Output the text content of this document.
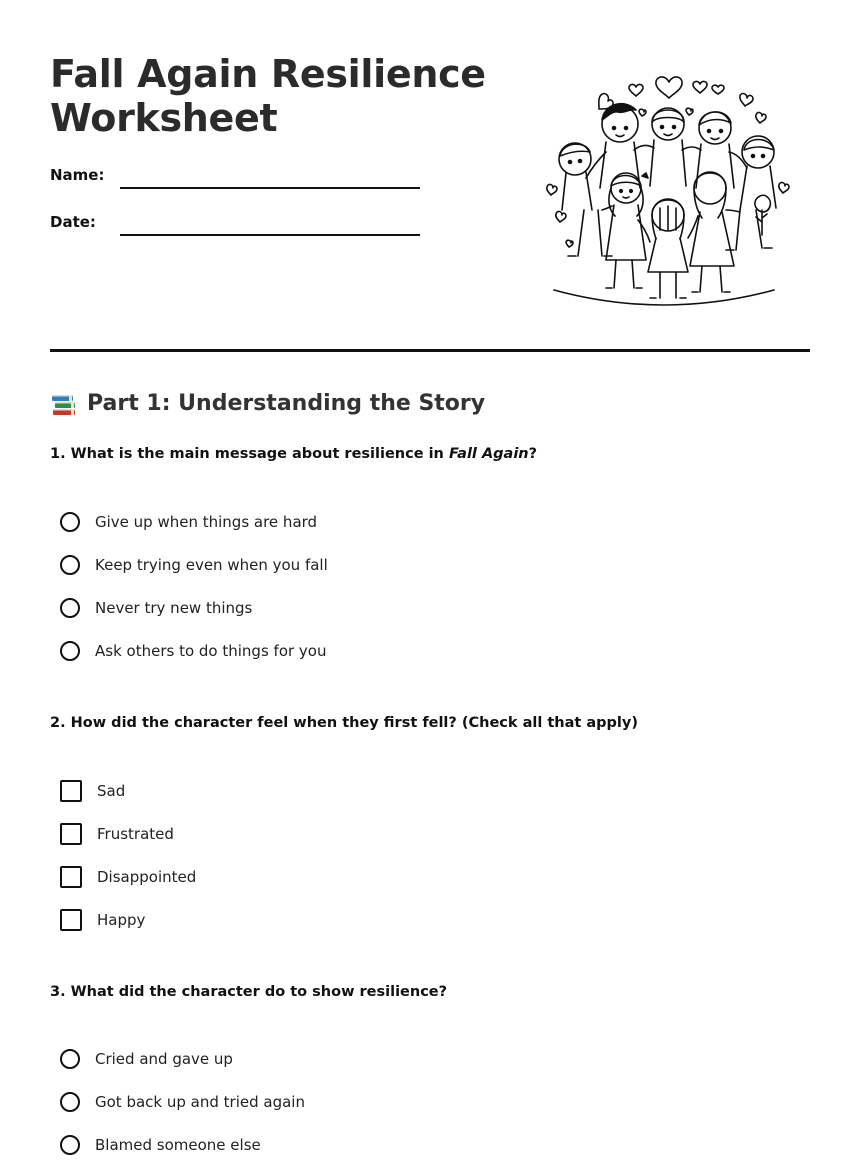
Fall Again Resilience Worksheet
Name:
Date:
Part 1: Understanding the Story

1. What is the main message about resilience in Fall Again?

Give up when things are hard
Keep trying even when you fall
Never try new things
Ask others to do things for you

2. How did the character feel when they first fell? (Check all that apply)

Sad
Frustrated
Disappointed
Happy

3. What did the character do to show resilience?

Cried and gave up
Got back up and tried again
Blamed someone else
